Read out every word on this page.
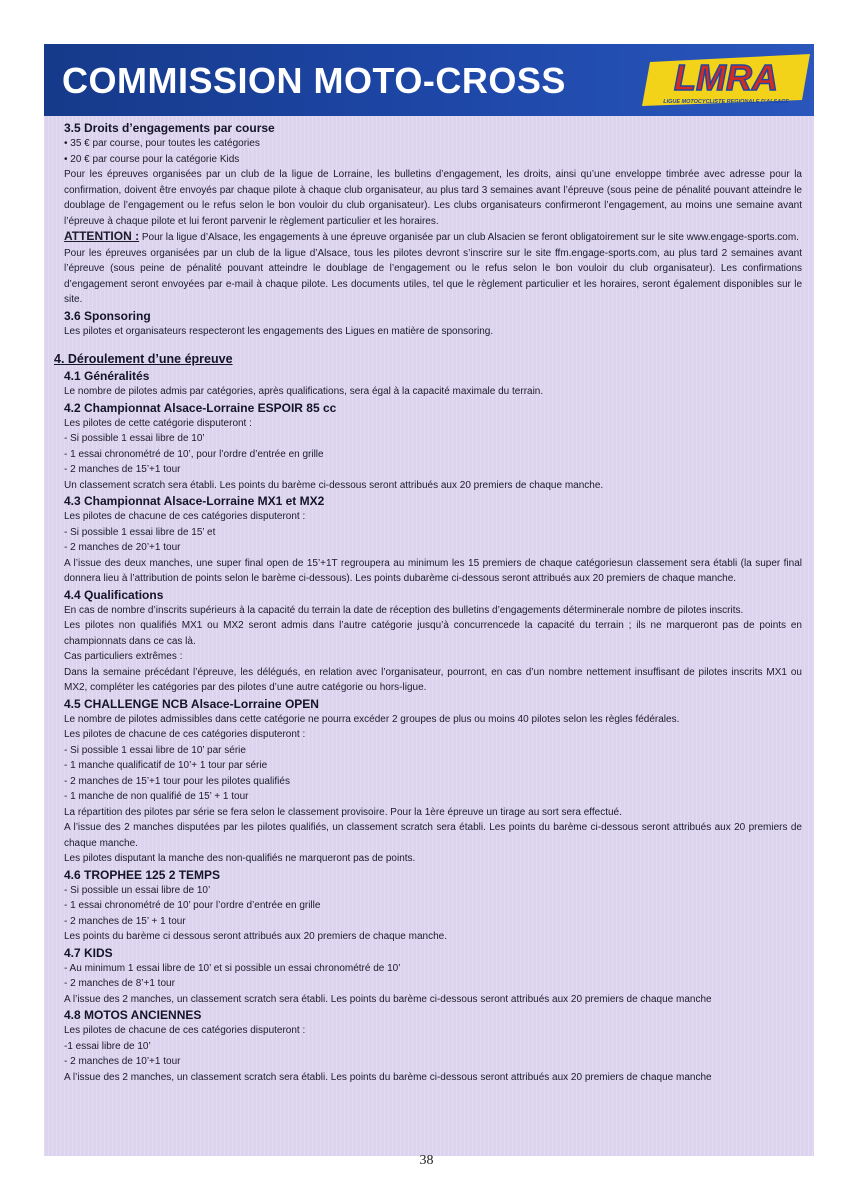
COMMISSION MOTO-CROSS	LMRA
LIGUE MOTOCYCLISTE REGIONALE D'ALSACE

3.5 Droits d’engagements par course

• 35 € par course, pour toutes les catégories

• 20 € par course pour la catégorie Kids

Pour les épreuves organisées par un club de la ligue de Lorraine, les bulletins d’engagement, les droits, ainsi qu’une enveloppe timbrée avec adresse pour la confirmation, doivent être envoyés par chaque pilote à chaque club organisateur, au plus tard 3 semaines avant l’épreuve (sous peine de pénalité pouvant atteindre le doublage de l’engagement ou le refus selon le bon vouloir du club organisateur). Les clubs organisateurs confirmeront l’engagement, au moins une semaine avant l’épreuve à chaque pilote et lui feront parvenir le règlement particulier et les horaires.

ATTENTION : Pour la ligue d’Alsace, les engagements à une épreuve organisée par un club Alsacien se feront obligatoirement sur le site www.engage-sports.com.

Pour les épreuves organisées par un club de la ligue d’Alsace, tous les pilotes devront s’inscrire sur le site ffm.engage-sports.com, au plus tard 2 semaines avant l’épreuve (sous peine de pénalité pouvant atteindre le doublage de l’engagement ou le refus selon le bon vouloir du club organisateur). Les confirmations d’engagement seront envoyées par e-mail à chaque pilote. Les documents utiles, tel que le règlement particulier et les horaires, seront également disponibles sur le site.

3.6 Sponsoring

Les pilotes et organisateurs respecteront les engagements des Ligues en matière de sponsoring.

4. Déroulement d’une épreuve

4.1 Généralités

Le nombre de pilotes admis par catégories, après qualifications, sera égal à la capacité maximale du terrain.

4.2 Championnat Alsace-Lorraine ESPOIR 85 cc

Les pilotes de cette catégorie disputeront :

- Si possible 1 essai libre de 10’

- 1 essai chronométré de 10’, pour l’ordre d’entrée en grille

- 2 manches de 15’+1 tour

Un classement scratch sera établi. Les points du barème ci-dessous seront attribués aux 20 premiers de chaque manche.

4.3 Championnat Alsace-Lorraine MX1 et MX2

Les pilotes de chacune de ces catégories disputeront :

- Si possible 1 essai libre de 15’ et

- 2 manches de 20’+1 tour

A l’issue des deux manches, une super final open de 15’+1T regroupera au minimum les 15 premiers de chaque catégoriesun classement sera établi (la super final donnera lieu à l’attribution de points selon le barème ci-dessous). Les points dubarème ci-dessous seront attribués aux 20 premiers de chaque manche.

4.4 Qualifications

En cas de nombre d’inscrits supérieurs à la capacité du terrain la date de réception des bulletins d’engagements déterminerale nombre de pilotes inscrits.

Les pilotes non qualifiés MX1 ou MX2 seront admis dans l’autre catégorie jusqu’à concurrencede la capacité du terrain ; ils ne marqueront pas de points en championnats dans ce cas là.

Cas particuliers extrêmes :

Dans la semaine précédant l’épreuve, les délégués, en relation avec l’organisateur, pourront, en cas d’un nombre nettement insuffisant de pilotes inscrits MX1 ou MX2, compléter les catégories par des pilotes d’une autre catégorie ou hors-ligue.

4.5 CHALLENGE NCB Alsace-Lorraine OPEN

Le nombre de pilotes admissibles dans cette catégorie ne pourra excéder 2 groupes de plus ou moins 40 pilotes selon les règles fédérales.

Les pilotes de chacune de ces catégories disputeront :

- Si possible 1 essai libre de 10’ par série

- 1 manche qualificatif de 10’+ 1 tour par série

- 2 manches de 15’+1 tour pour les pilotes qualifiés

- 1 manche de non qualifié de 15’ + 1 tour

La répartition des pilotes par série se fera selon le classement provisoire. Pour la 1ère épreuve un tirage au sort sera effectué.

A l’issue des 2 manches disputées par les pilotes qualifiés, un classement scratch sera établi. Les points du barème ci-dessous seront attribués aux 20 premiers de chaque manche.

Les pilotes disputant la manche des non-qualifiés ne marqueront pas de points.

4.6 TROPHEE 125 2 TEMPS

- Si possible un essai libre de 10’

- 1 essai chronométré de 10’ pour l’ordre d’entrée en grille

- 2 manches de 15’ + 1 tour

Les points du barème ci dessous seront attribués aux 20 premiers de chaque manche.

4.7 KIDS

- Au minimum 1 essai libre de 10’ et si possible un essai chronométré de 10’

- 2 manches de 8’+1 tour

A l’issue des 2 manches, un classement scratch sera établi. Les points du barème ci-dessous seront attribués aux 20 premiers de chaque manche

4.8 MOTOS ANCIENNES

Les pilotes de chacune de ces catégories disputeront :

-1 essai libre de 10’

- 2 manches de 10’+1 tour

A l’issue des 2 manches, un classement scratch sera établi. Les points du barème ci-dessous seront attribués aux 20 premiers de chaque manche

38
